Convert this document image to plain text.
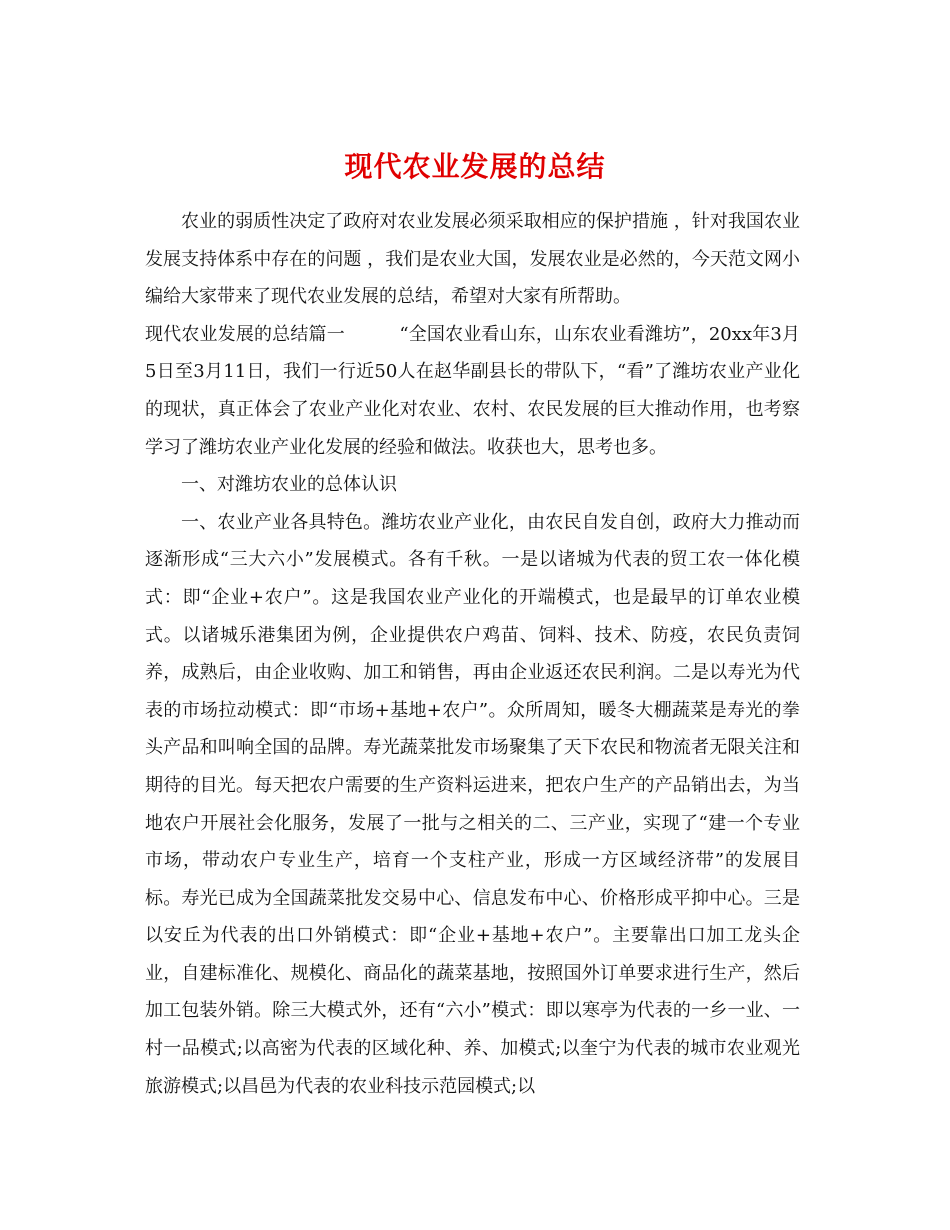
现代农业发展的总结

农业的弱质性决定了政府对农业发展必须采取相应的保护措施 ，针对我国农业发展支持体系中存在的问题 ，我们是农业大国，发展农业是必然的，今天范文网小编给大家带来了现代农业发展的总结，希望对大家有所帮助。

现代农业发展的总结篇一　　　“全国农业看山东，山东农业看潍坊”，20xx年3月5日至3月11日，我们一行近50人在赵华副县长的带队下，“看”了潍坊农业产业化的现状，真正体会了农业产业化对农业、农村、农民发展的巨大推动作用，也考察学习了潍坊农业产业化发展的经验和做法。收获也大，思考也多。

一、对潍坊农业的总体认识

一、农业产业各具特色。潍坊农业产业化，由农民自发自创，政府大力推动而逐渐形成“三大六小”发展模式。各有千秋。一是以诸城为代表的贸工农一体化模式：即“企业+农户”。这是我国农业产业化的开端模式，也是最早的订单农业模式。以诸城乐港集团为例，企业提供农户鸡苗、饲料、技术、防疫，农民负责饲养，成熟后，由企业收购、加工和销售，再由企业返还农民利润。二是以寿光为代表的市场拉动模式：即“市场+基地+农户”。众所周知，暖冬大棚蔬菜是寿光的拳头产品和叫响全国的品牌。寿光蔬菜批发市场聚集了天下农民和物流者无限关注和期待的目光。每天把农户需要的生产资料运进来，把农户生产的产品销出去，为当地农户开展社会化服务，发展了一批与之相关的二、三产业，实现了“建一个专业市场，带动农户专业生产，培育一个支柱产业，形成一方区域经济带”的发展目标。寿光已成为全国蔬菜批发交易中心、信息发布中心、价格形成平抑中心。三是以安丘为代表的出口外销模式：即“企业+基地+农户”。主要靠出口加工龙头企业，自建标准化、规模化、商品化的蔬菜基地，按照国外订单要求进行生产，然后加工包装外销。除三大模式外，还有“六小”模式：即以寒亭为代表的一乡一业、一村一品模式;以高密为代表的区域化种、养、加模式;以奎宁为代表的城市农业观光旅游模式;以昌邑为代表的农业科技示范园模式;以
